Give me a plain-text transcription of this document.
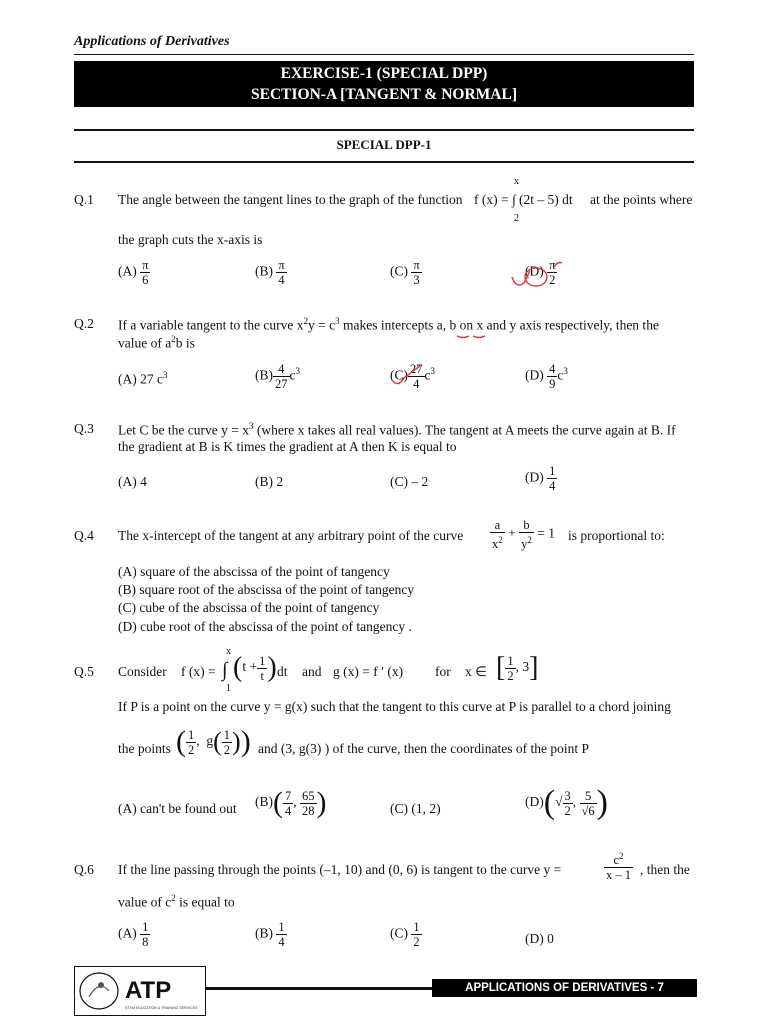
Applications of Derivatives
EXERCISE-1 (SPECIAL DPP)
SECTION-A [TANGENT & NORMAL]
SPECIAL DPP-1
Q.1 The angle between the tangent lines to the graph of the function f (x) = ∫ (2t – 5) dt
x
2
at the points where
the graph cuts the x-axis is
$(A) \frac{\pi}{6}$	$(B) \frac{\pi}{4}$	$(C) \frac{\pi}{3}$	$(D) \frac{\pi}{2}$
Q.2 If a variable tangent to the curve $x^2y = c^3$ makes intercepts a, b on x and y axis respectively, then the
value of $a^2b$ is
(A) 27 $c^3$	$(B) \frac{4}{27} c^3$	$(C) \frac{27}{4} c^3$	$(D) \frac{4}{9} c^3$
Q.3 Let C be the curve $y = x^3$ (where x takes all real values). The tangent at A meets the curve again at B. If
the gradient at B is K times the gradient at A then K is equal to
(A) 4	(B) 2	(C) – 2	$(D) \frac{1}{4}$
Q.4 The x-intercept of the tangent at any arbitrary point of the curve $\frac{a}{x^2} + \frac{b}{y^2} = 1$ is proportional to:
(A) square of the abscissa of the point of tangency
(B) square root of the abscissa of the point of tangency
(C) cube of the abscissa of the point of tangency
(D) cube root of the abscissa of the point of tangency .
Q.5 Consider f (x) = ∫
x
1
($t + \frac{1}{t}$ ) dt and g (x) = f ′ (x) for x ∈ [ $\frac{1}{2}$ , 3]
If P is a point on the curve y = g(x) such that the tangent to this curve at P is parallel to a chord joining
the points ( $\frac{1}{2}$ ,  $g( \frac{1}{2}$ )) and (3, g(3) ) of the curve, then the coordinates of the point P
(A) can't be found out $(B)( \frac{7}{4}$ , $\frac{65}{28}$ )	(C) (1, 2)	$(D)(√ \frac{3}{2}$ , $\frac{5}{√6}$ )
Q.6 If the line passing through the points (–1, 10) and (0, 6) is tangent to the curve y =	$\frac{c^2}{x - 1}$ , then the
value of $c^2$ is equal to
$(A) \frac{1}{8}$	$(B) \frac{1}{4}$	$(C) \frac{1}{2}$	(D) 0
ATP
STEM EDUCATION & TRAINING SERVICES
APPLICATIONS OF DERIVATIVES - 7
